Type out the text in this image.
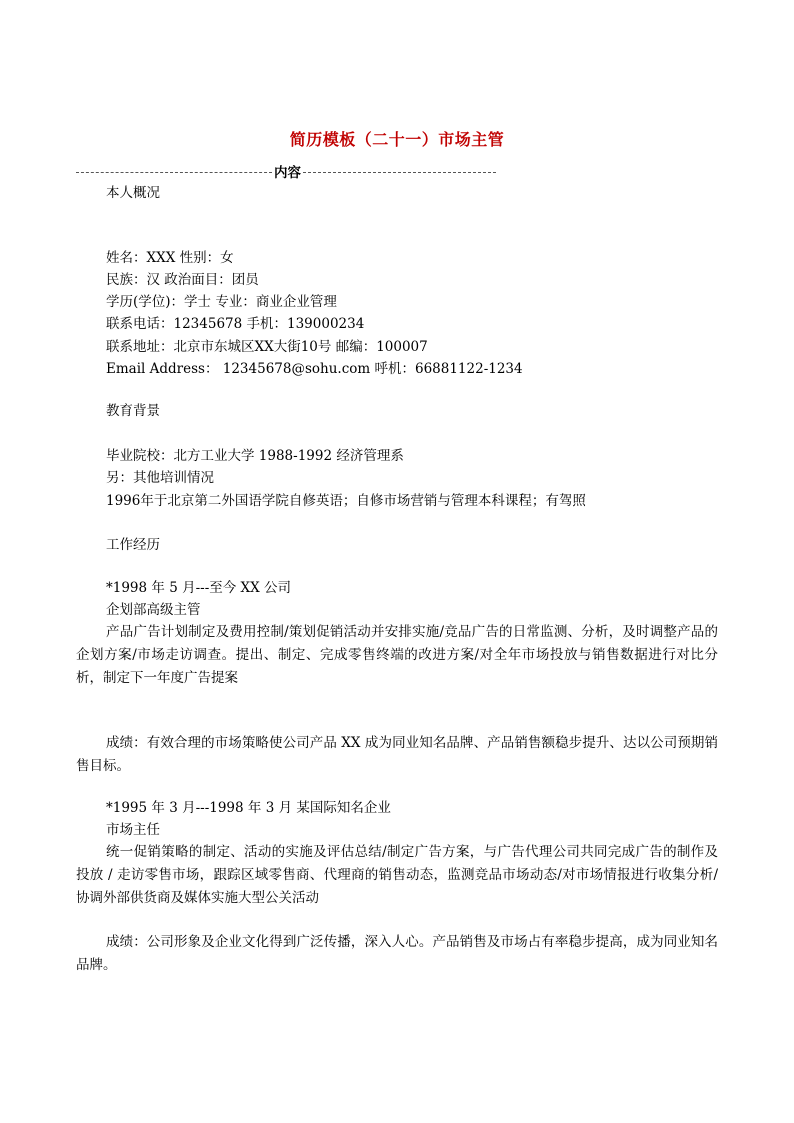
简历模板（二十一）市场主管
内容
本人概况
姓名：XXX 性别：女
民族：汉 政治面目：团员
学历(学位)：学士 专业：商业企业管理
联系电话：12345678 手机：139000234
联系地址：北京市东城区XX大街10号 邮编：100007
Email Address： 12345678@sohu.com 呼机：66881122-1234
教育背景
毕业院校：北方工业大学 1988-1992 经济管理系
另：其他培训情况
1996年于北京第二外国语学院自修英语；自修市场营销与管理本科课程；有驾照
工作经历
*1998 年 5 月---至今 XX 公司
企划部高级主管
产品广告计划制定及费用控制/策划促销活动并安排实施/竞品广告的日常监测、分析，及时调整产品的企划方案/市场走访调查。提出、制定、完成零售终端的改进方案/对全年市场投放与销售数据进行对比分析，制定下一年度广告提案
成绩：有效合理的市场策略使公司产品 XX 成为同业知名品牌、产品销售额稳步提升、达以公司预期销售目标。
*1995 年 3 月---1998 年 3 月 某国际知名企业
市场主任
统一促销策略的制定、活动的实施及评估总结/制定广告方案，与广告代理公司共同完成广告的制作及投放 / 走访零售市场，跟踪区域零售商、代理商的销售动态，监测竞品市场动态/对市场情报进行收集分析/ 协调外部供货商及媒体实施大型公关活动
成绩：公司形象及企业文化得到广泛传播，深入人心。产品销售及市场占有率稳步提高，成为同业知名品牌。
